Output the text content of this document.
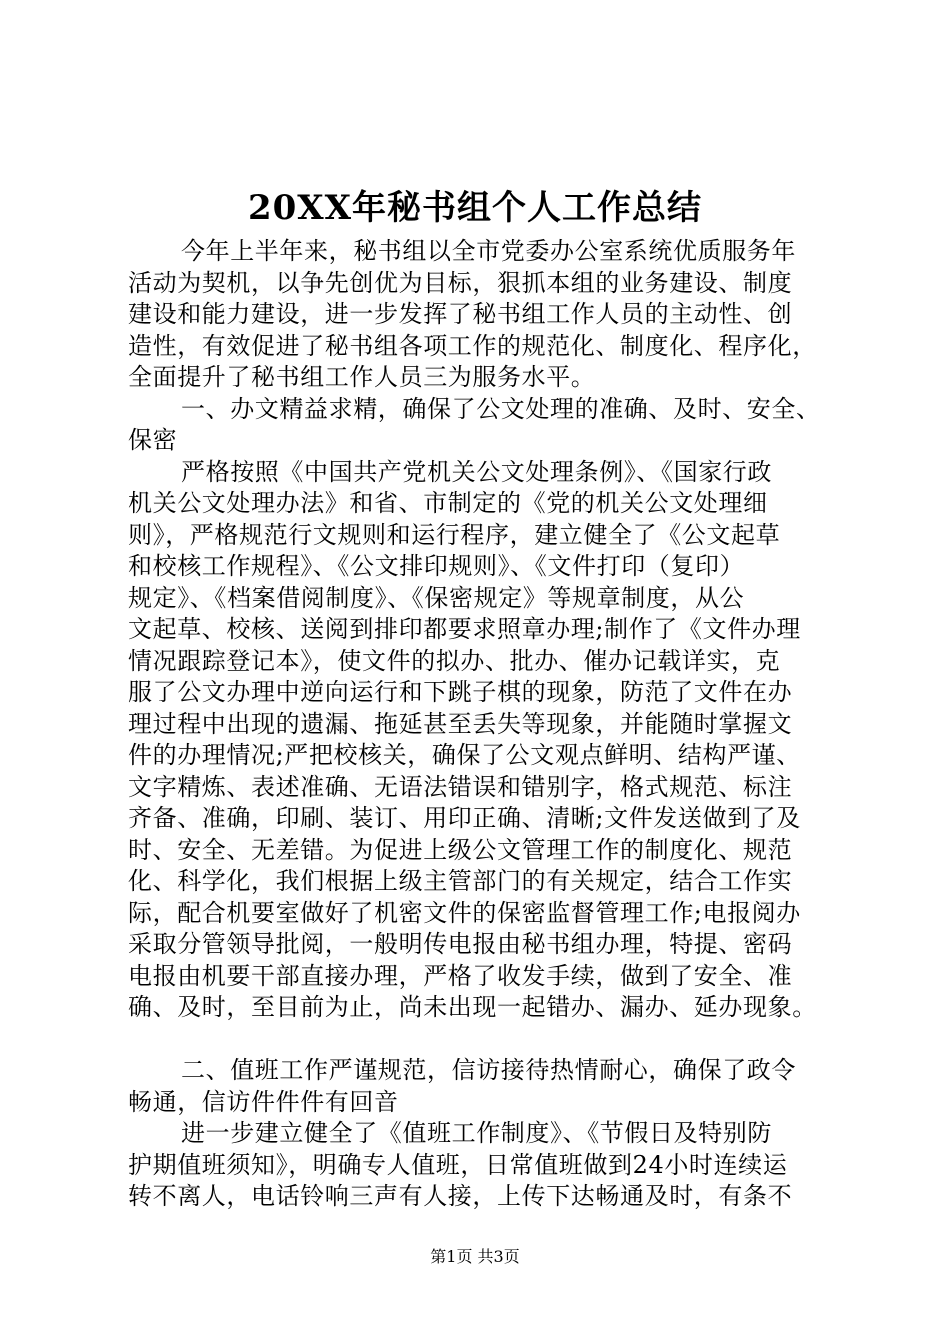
20XX年秘书组个人工作总结
今年上半年来，秘书组以全市党委办公室系统优质服务年
活动为契机，以争先创优为目标，狠抓本组的业务建设、制度
建设和能力建设，进一步发挥了秘书组工作人员的主动性、创
造性，有效促进了秘书组各项工作的规范化、制度化、程序化，
全面提升了秘书组工作人员三为服务水平。
一、办文精益求精，确保了公文处理的准确、及时、安全、
保密
严格按照《中国共产党机关公文处理条例》、《国家行政
机关公文处理办法》和省、市制定的《党的机关公文处理细
则》，严格规范行文规则和运行程序，建立健全了《公文起草
和校核工作规程》、《公文排印规则》、《文件打印（复印）
规定》、《档案借阅制度》、《保密规定》等规章制度，从公
文起草、校核、送阅到排印都要求照章办理;制作了《文件办理
情况跟踪登记本》，使文件的拟办、批办、催办记载详实，克
服了公文办理中逆向运行和下跳子棋的现象，防范了文件在办
理过程中出现的遗漏、拖延甚至丢失等现象，并能随时掌握文
件的办理情况;严把校核关，确保了公文观点鲜明、结构严谨、
文字精炼、表述准确、无语法错误和错别字，格式规范、标注
齐备、准确，印刷、装订、用印正确、清晰;文件发送做到了及
时、安全、无差错。为促进上级公文管理工作的制度化、规范
化、科学化，我们根据上级主管部门的有关规定，结合工作实
际，配合机要室做好了机密文件的保密监督管理工作;电报阅办
采取分管领导批阅，一般明传电报由秘书组办理，特提、密码
电报由机要干部直接办理，严格了收发手续，做到了安全、准
确、及时，至目前为止，尚未出现一起错办、漏办、延办现象。
二、值班工作严谨规范，信访接待热情耐心，确保了政令
畅通，信访件件件有回音
进一步建立健全了《值班工作制度》、《节假日及特别防
护期值班须知》，明确专人值班，日常值班做到24小时连续运
转不离人，电话铃响三声有人接，上传下达畅通及时，有条不
第1页 共3页
